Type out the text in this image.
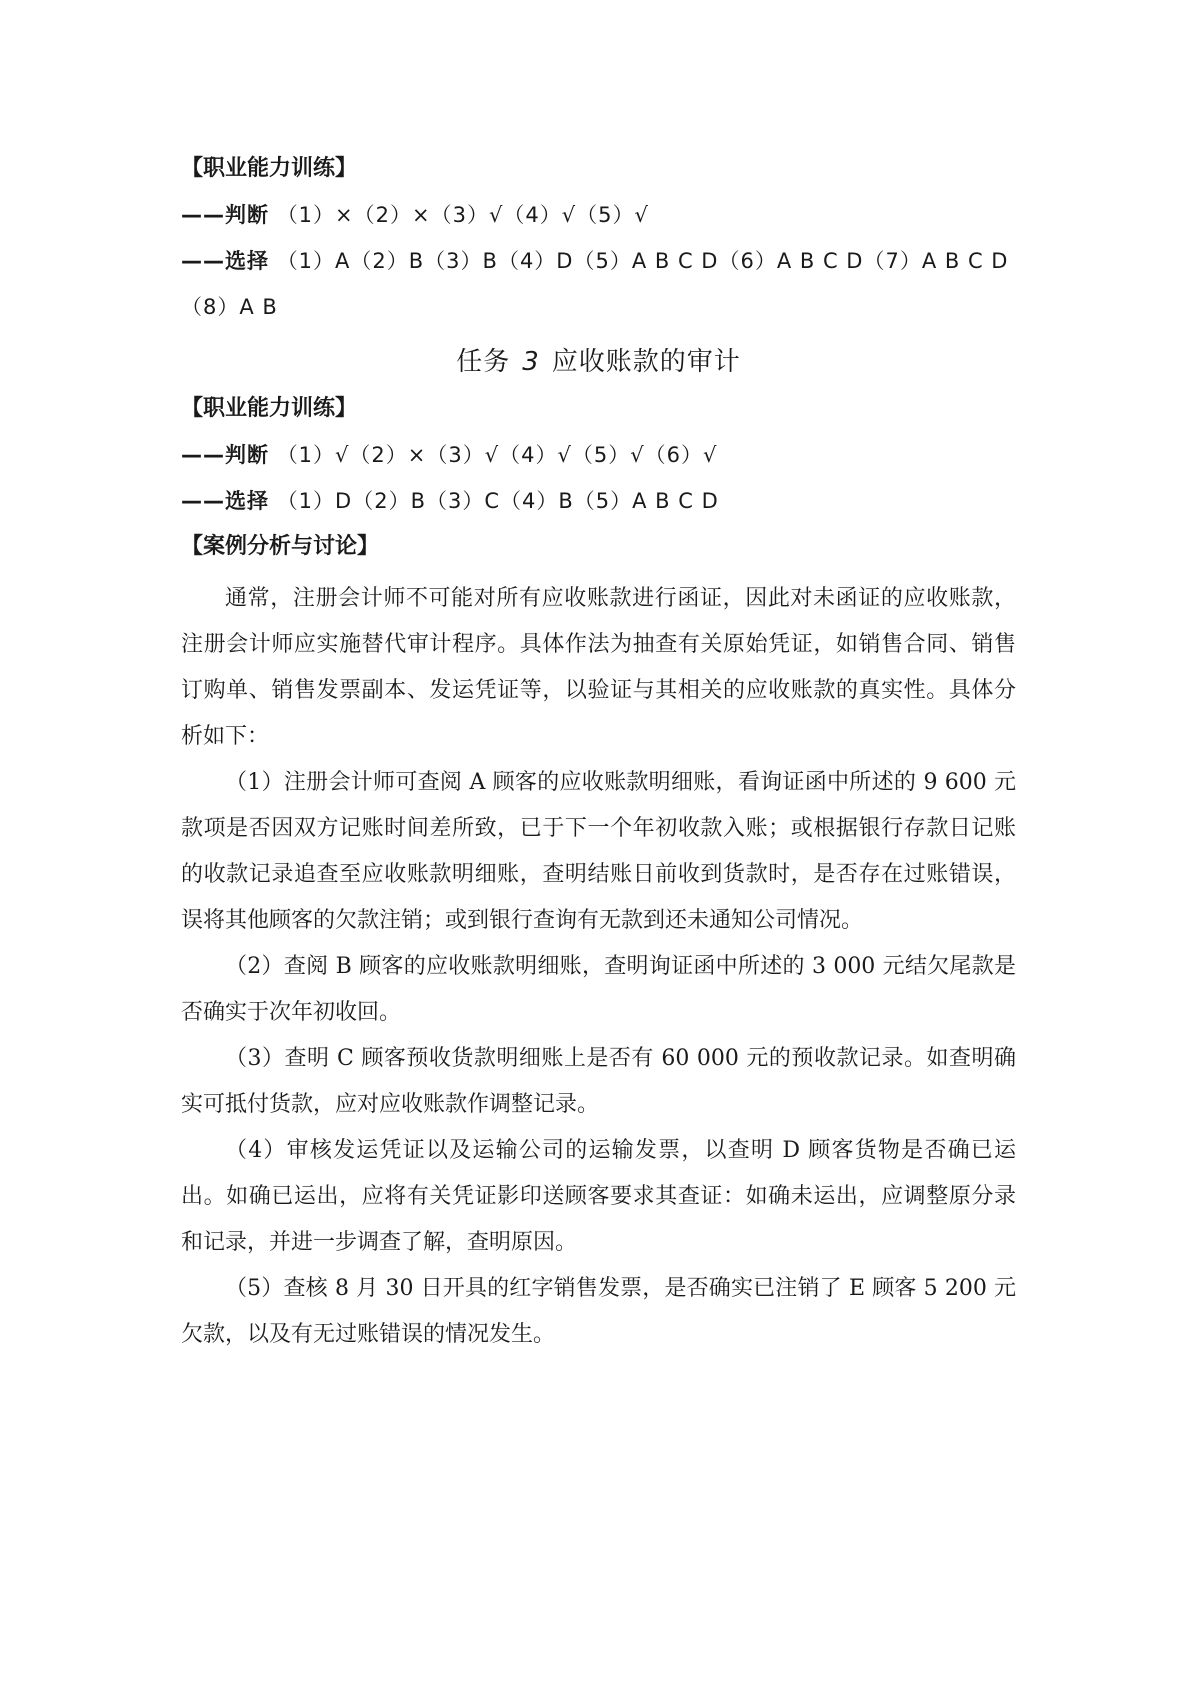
【职业能力训练】
——判断 （1）×（2）×（3）√（4）√（5）√
——选择 （1）A（2）B（3）B（4）D（5）A B C D（6）A B C D（7）A B C D
（8）A B
任务 3 应收账款的审计
【职业能力训练】
——判断 （1）√（2）×（3）√（4）√（5）√（6）√
——选择 （1）D（2）B（3）C（4）B（5）A B C D
【案例分析与讨论】

通常，注册会计师不可能对所有应收账款进行函证，因此对未函证的应收账款，注册会计师应实施替代审计程序。具体作法为抽查有关原始凭证，如销售合同、销售订购单、销售发票副本、发运凭证等，以验证与其相关的应收账款的真实性。具体分析如下：

（1）注册会计师可查阅 A 顾客的应收账款明细账，看询证函中所述的 9 600 元款项是否因双方记账时间差所致，已于下一个年初收款入账；或根据银行存款日记账的收款记录追查至应收账款明细账，查明结账日前收到货款时，是否存在过账错误，误将其他顾客的欠款注销；或到银行查询有无款到还未通知公司情况。

（2）查阅 B 顾客的应收账款明细账，查明询证函中所述的 3 000 元结欠尾款是否确实于次年初收回。

（3）查明 C 顾客预收货款明细账上是否有 60 000 元的预收款记录。如查明确实可抵付货款，应对应收账款作调整记录。

（4）审核发运凭证以及运输公司的运输发票，以查明 D 顾客货物是否确已运出。如确已运出，应将有关凭证影印送顾客要求其查证：如确未运出，应调整原分录和记录，并进一步调查了解，查明原因。

（5）查核 8 月 30 日开具的红字销售发票，是否确实已注销了 E 顾客 5 200 元欠款，以及有无过账错误的情况发生。
